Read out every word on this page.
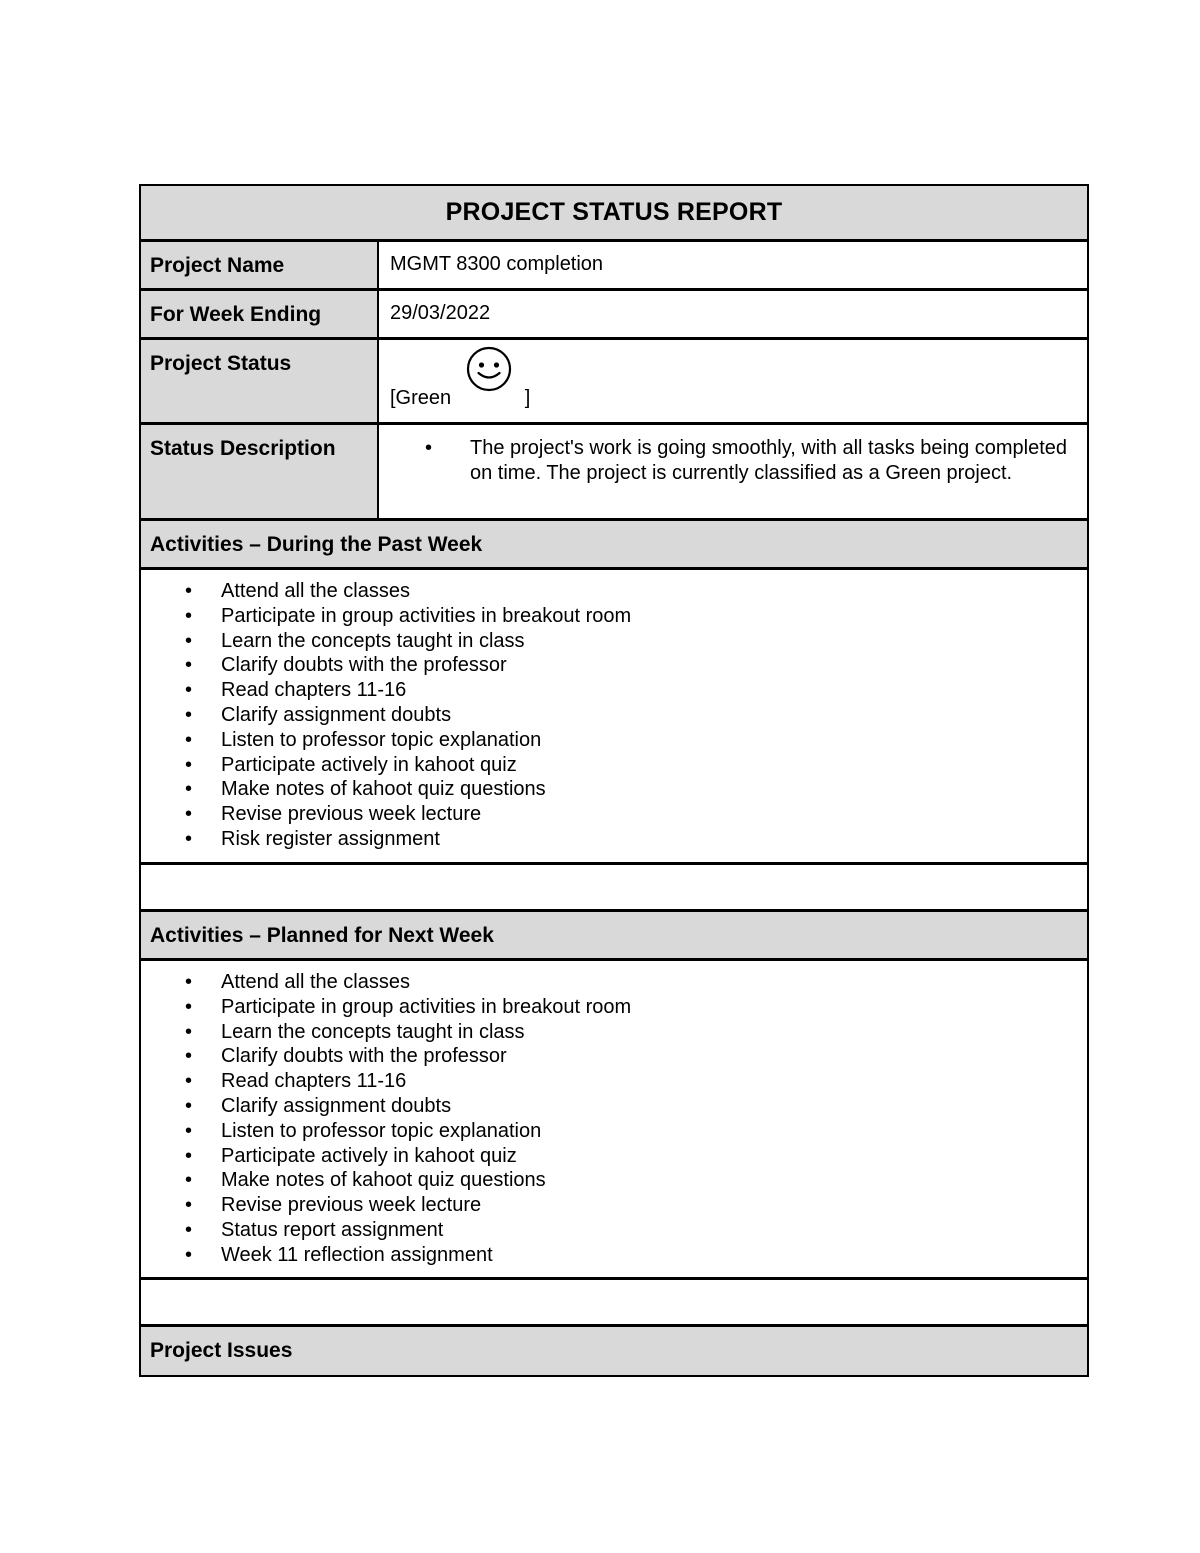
PROJECT STATUS REPORT
Project Name	MGMT 8300 completion
For Week Ending	29/03/2022
Project Status
[Green	]
Status Description
•	The project's work is going smoothly, with all tasks being completed on time. The project is currently classified as a Green project.
Activities – During the Past Week
• Attend all the classes
• Participate in group activities in breakout room
• Learn the concepts taught in class
• Clarify doubts with the professor
• Read chapters 11-16
• Clarify assignment doubts
• Listen to professor topic explanation
• Participate actively in kahoot quiz
• Make notes of kahoot quiz questions
• Revise previous week lecture
• Risk register assignment
Activities – Planned for Next Week
• Attend all the classes
• Participate in group activities in breakout room
• Learn the concepts taught in class
• Clarify doubts with the professor
• Read chapters 11-16
• Clarify assignment doubts
• Listen to professor topic explanation
• Participate actively in kahoot quiz
• Make notes of kahoot quiz questions
• Revise previous week lecture
• Status report assignment
• Week 11 reflection assignment
Project Issues
